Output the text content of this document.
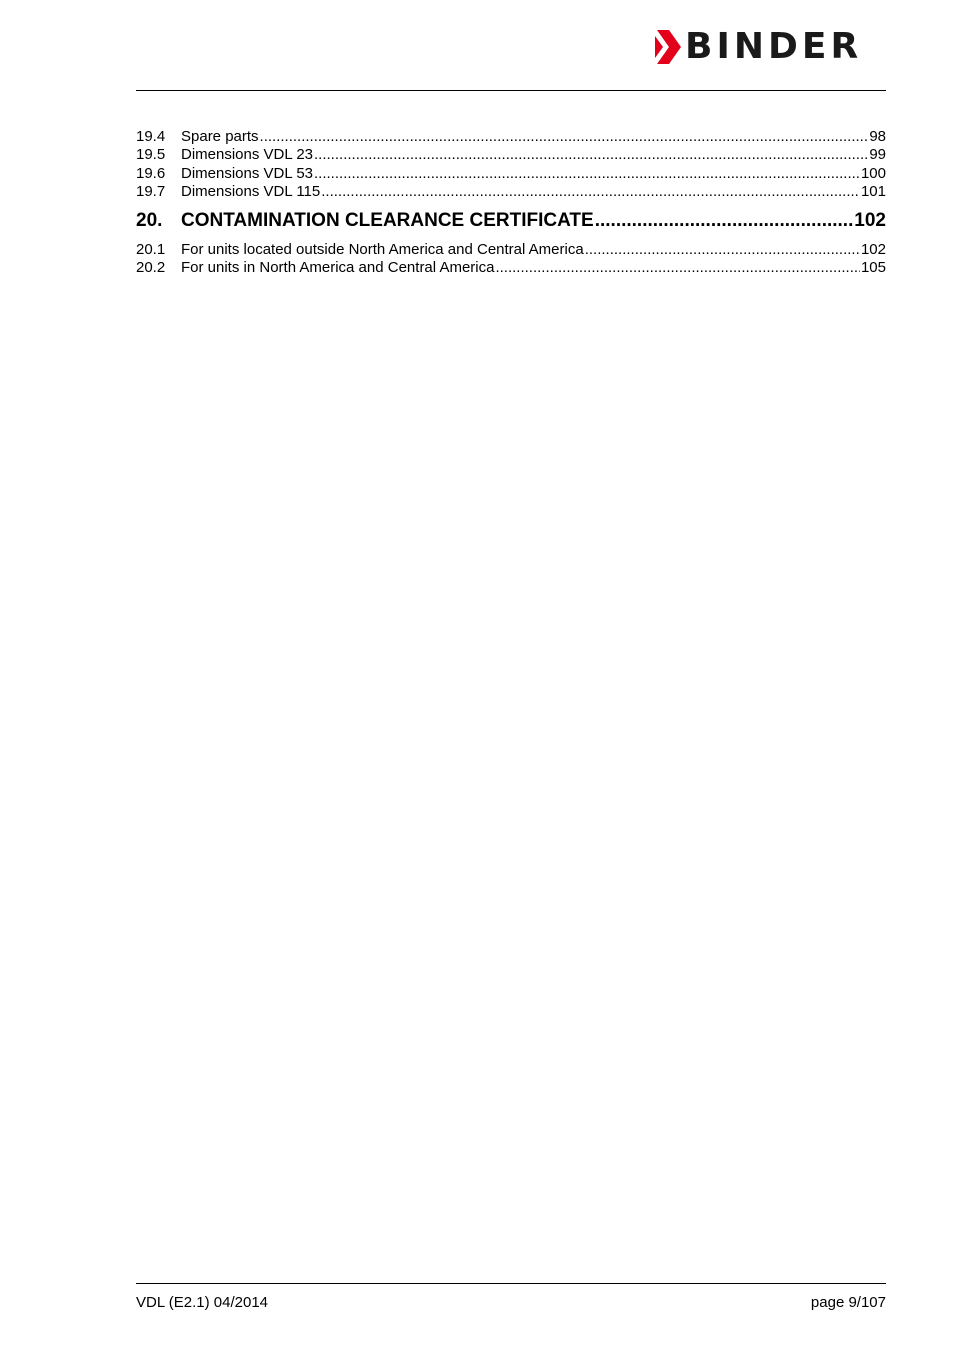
BINDER
19.4	Spare parts .....	98
19.5	Dimensions VDL 23 .....	99
19.6	Dimensions VDL 53 .....	100
19.7	Dimensions VDL 115 .....	101
20. CONTAMINATION CLEARANCE CERTIFICATE .....	102
20.1	For units located outside North America and Central America .....	102
20.2	For units in North America and Central America .....	105
VDL (E2.1) 04/2014	page 9/107
